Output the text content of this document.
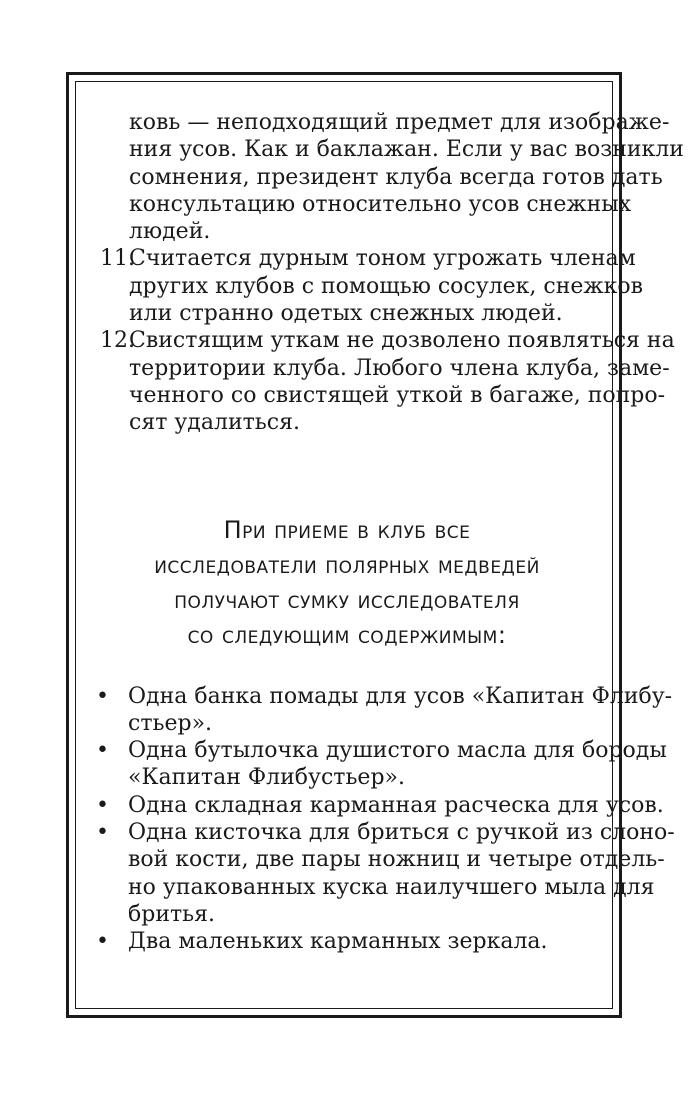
ковь — неподходящий предмет для изображе-
ния усов. Как и баклажан. Если у вас возникли
сомнения, президент клуба всегда готов дать
консультацию относительно усов снежных
людей.
11.
Считается дурным тоном угрожать членам
других клубов с помощью сосулек, снежков
или странно одетых снежных людей.
12.
Свистящим уткам не дозволено появляться на
территории клуба. Любого члена клуба, заме-
ченного со свистящей уткой в багаже, попро-
сят удалиться.
При приеме в клуб все
исследователи полярных медведей
получают сумку исследователя
со следующим содержимым:
• Одна банка помады для усов «Капитан Флибу-
стьер».
• Одна бутылочка душистого масла для бороды
«Капитан Флибустьер».
• Одна складная карманная расческа для усов.
• Одна кисточка для бриться с ручкой из слоно-
вой кости, две пары ножниц и четыре отдель-
но упакованных куска наилучшего мыла для
бритья.
• Два маленьких карманных зеркала.
